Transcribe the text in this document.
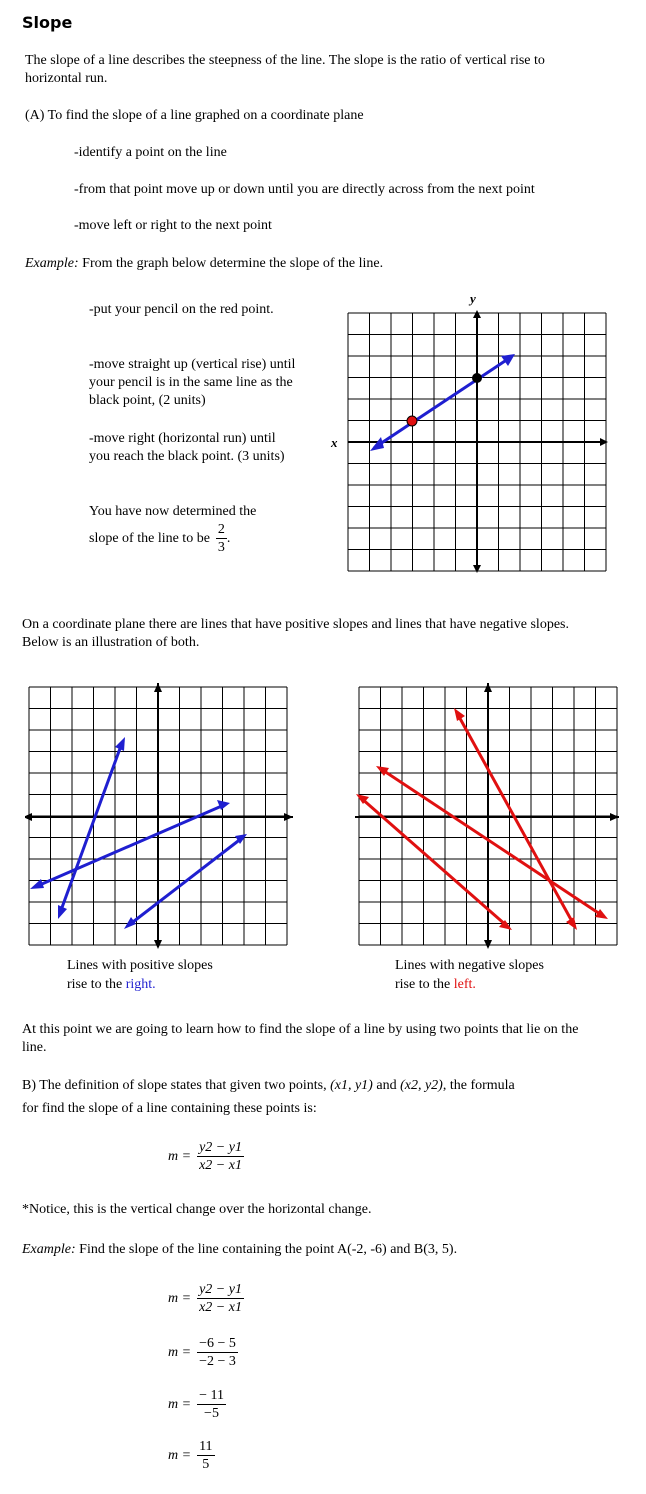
Slope
The slope of a line describes the steepness of the line. The slope is the ratio of vertical rise to horizontal run.
(A) To find the slope of a line graphed on a coordinate plane
-identify a point on the line
-from that point move up or down until you are directly across from the next point
-move left or right to the next point
Example: From the graph below determine the slope of the line.
-put your pencil on the red point.
-move straight up (vertical rise) until your pencil is in the same line as the black point, (2 units)
-move right (horizontal run) until you reach the black point. (3 units)
You have now determined the
slope of the line to be $\frac{2}{3}$ .
x
y
On a coordinate plane there are lines that have positive slopes and lines that have negative slopes. Below is an illustration of both.
Lines with positive slopes
rise to the right.
Lines with negative slopes
rise to the left.
At this point we are going to learn how to find the slope of a line by using two points that lie on the line.
B) The definition of slope states that given two points, (x1, y1) and (x2, y2), the formula
for find the slope of a line containing these points is:
$m = \frac{y2 - y1}{x2 - x1}$
*Notice, this is the vertical change over the horizontal change.
Example: Find the slope of the line containing the point A(-2, -6) and B(3, 5).
$m = \frac{y2 - y1}{x2 - x1}$
$m = \frac{-6 - 5}{-2 - 3}$
$m = \frac{- 11}{-5}$
$m = \frac{11}{5}$
